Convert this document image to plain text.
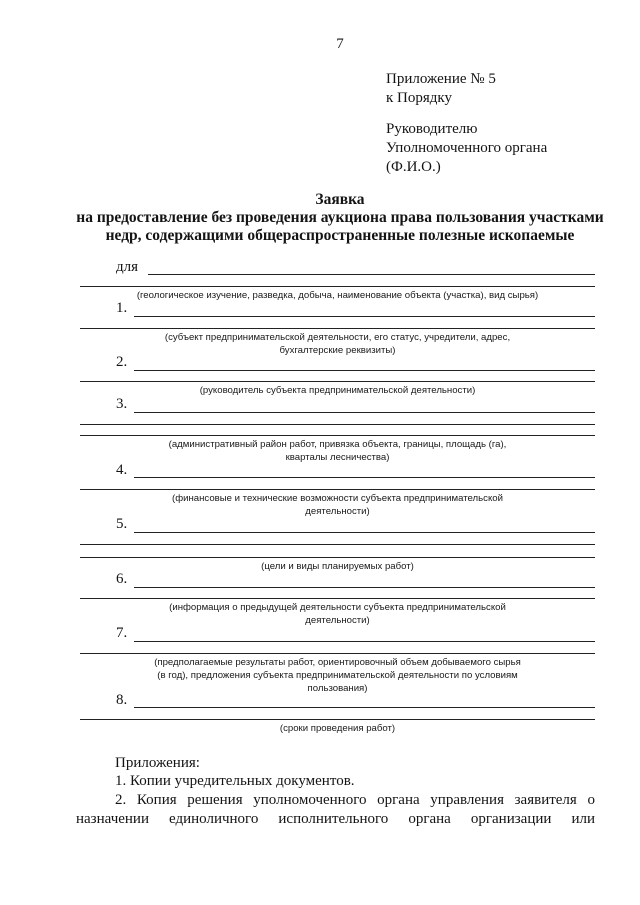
7
Приложение № 5
к Порядку
Руководителю
Уполномоченного органа
(Ф.И.О.)
Заявка
на предоставление без проведения аукциона права пользования участками
недр, содержащими общераспространенные полезные ископаемые
для
(геологическое изучение, разведка, добыча, наименование объекта (участка), вид сырья)
1.
(субъект предпринимательской деятельности, его статус, учредители, адрес,
бухгалтерские реквизиты)
2.
(руководитель субъекта предпринимательской деятельности)
3.
(административный район работ, привязка объекта, границы, площадь (га),
кварталы лесничества)
4.
(финансовые и технические возможности субъекта предпринимательской
деятельности)
5.
(цели и виды планируемых работ)
6.
(информация о предыдущей деятельности субъекта предпринимательской
деятельности)
7.
(предполагаемые результаты работ, ориентировочный объем добываемого сырья
(в год), предложения субъекта предпринимательской деятельности по условиям
пользования)
8.
(сроки проведения работ)
Приложения:
1. Копии учредительных документов.
2. Копия решения уполномоченного органа управления заявителя о
назначении единоличного исполнительного органа организации или
